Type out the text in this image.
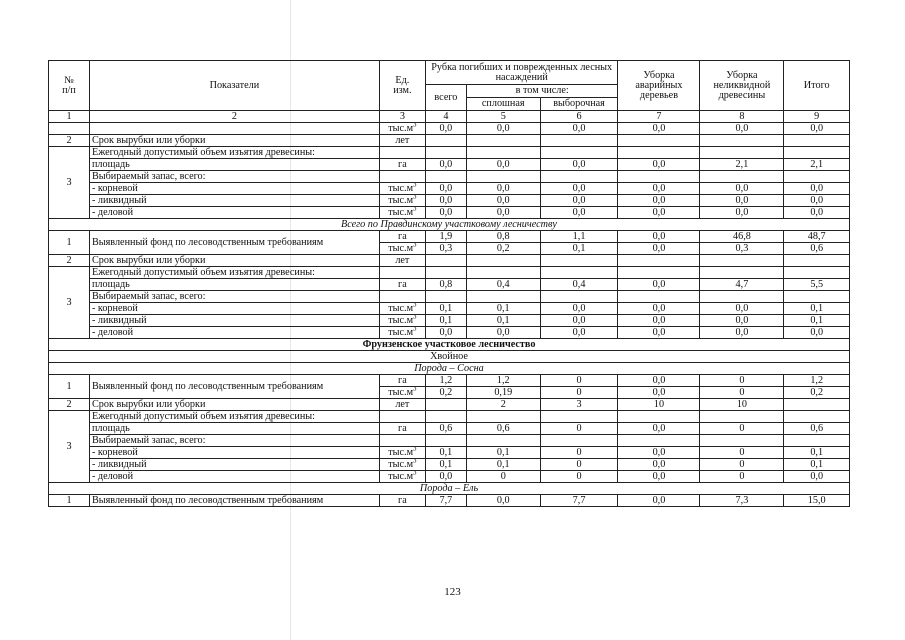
№
п/п	Показатели	Ед.
изм.	Рубка погибших и поврежденных лесных насаждений			Уборка аварийных деревьев	Уборка неликвидной древесины	Итого
			всего	в том числе:				
				сплошная	выборочная			
1	2	3	4	5	6	7	8	9
		$тыс.м^3$	0,0	0,0	0,0	0,0	0,0	0,0
2	Срок вырубки или уборки	лет						
3	Ежегодный допустимый объем изъятия древесины:							
	площадь	га	0,0	0,0	0,0	0,0	2,1	2,1
	Выбираемый запас, всего:							
	- корневой	$тыс.м^3$	0,0	0,0	0,0	0,0	0,0	0,0
	- ликвидный	$тыс.м^3$	0,0	0,0	0,0	0,0	0,0	0,0
	- деловой	$тыс.м^3$	0,0	0,0	0,0	0,0	0,0	0,0
Всего по Правдинскому участковому лесничеству								
1	Выявленный фонд по лесоводственным требованиям	га	1,9	0,8	1,1	0,0	46,8	48,7
		$тыс.м^3$	0,3	0,2	0,1	0,0	0,3	0,6
2	Срок вырубки или уборки	лет						
3	Ежегодный допустимый объем изъятия древесины:							
	площадь	га	0,8	0,4	0,4	0,0	4,7	5,5
	Выбираемый запас, всего:							
	- корневой	$тыс.м^3$	0,1	0,1	0,0	0,0	0,0	0,1
	- ликвидный	$тыс.м^3$	0,1	0,1	0,0	0,0	0,0	0,1
	- деловой	$тыс.м^3$	0,0	0,0	0,0	0,0	0,0	0,0
Фрунзенское участковое лесничество								
Хвойное								
Порода – Сосна								
1	Выявленный фонд по лесоводственным требованиям	га	1,2	1,2	0	0,0	0	1,2
		$тыс.м^3$	0,2	0,19	0	0,0	0	0,2
2	Срок вырубки или уборки	лет		2	3	10	10	
3	Ежегодный допустимый объем изъятия древесины:							
	площадь	га	0,6	0,6	0	0,0	0	0,6
	Выбираемый запас, всего:							
	- корневой	$тыс.м^3$	0,1	0,1	0	0,0	0	0,1
	- ликвидный	$тыс.м^3$	0,1	0,1	0	0,0	0	0,1
	- деловой	$тыс.м^3$	0,0	0	0	0,0	0	0,0
Порода – Ель								
1	Выявленный фонд по лесоводственным требованиям	га	7,7	0,0	7,7	0,0	7,3	15,0
123
